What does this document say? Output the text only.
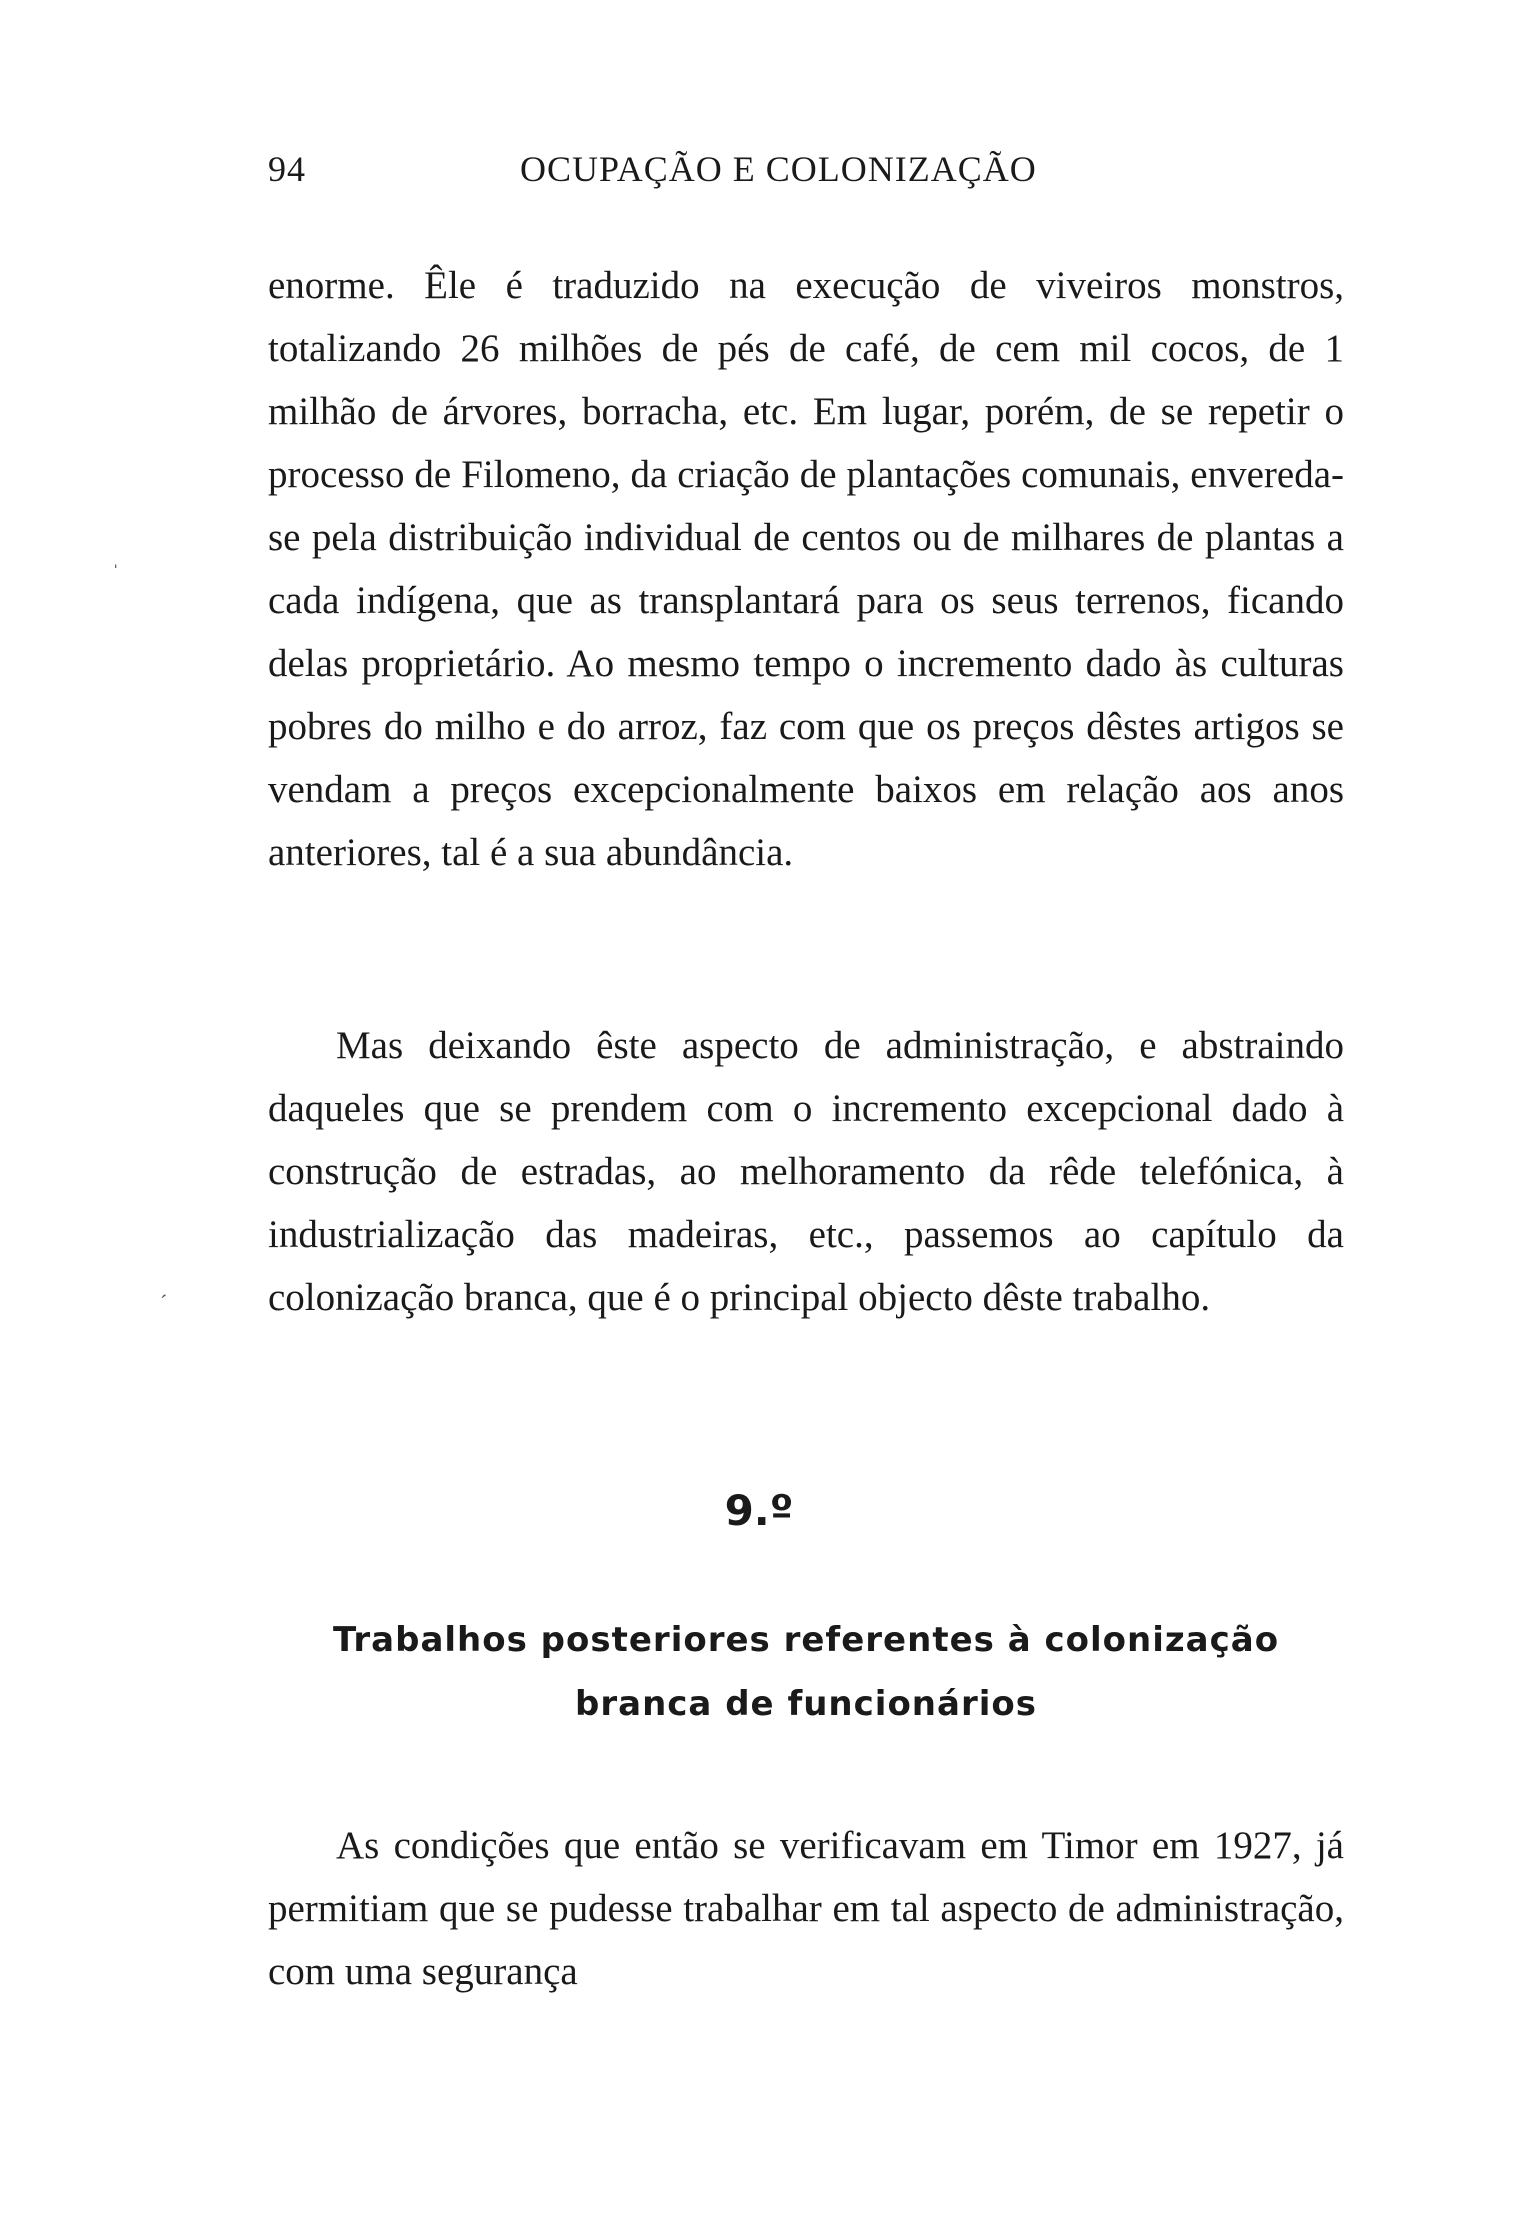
94	OCUPAÇÃO E COLONIZAÇÃO

enorme. Êle é traduzido na execução de viveiros monstros, totalizando 26 milhões de pés de café, de cem mil cocos, de 1 milhão de árvores, borracha, etc. Em lugar, porém, de se repetir o processo de Filomeno, da criação de plantações comunais, envereda-se pela distribuição individual de centos ou de milhares de plantas a cada indígena, que as transplantará para os seus terrenos, ficando delas proprietário. Ao mesmo tempo o incremento dado às culturas pobres do milho e do arroz, faz com que os preços dêstes artigos se vendam a preços excepcionalmente baixos em relação aos anos anteriores, tal é a sua abundância.

Mas deixando êste aspecto de administração, e abstraindo daqueles que se prendem com o incremento excepcional dado à construção de estradas, ao melhoramento da rêde telefónica, à industrialização das madeiras, etc., passemos ao capítulo da colonização branca, que é o principal objecto dêste trabalho.

9.º
Trabalhos posteriores referentes à colonização branca de funcionários

As condições que então se verificavam em Timor em 1927, já permitiam que se pudesse trabalhar em tal aspecto de administração, com uma segurança

ˈ
ˊ
